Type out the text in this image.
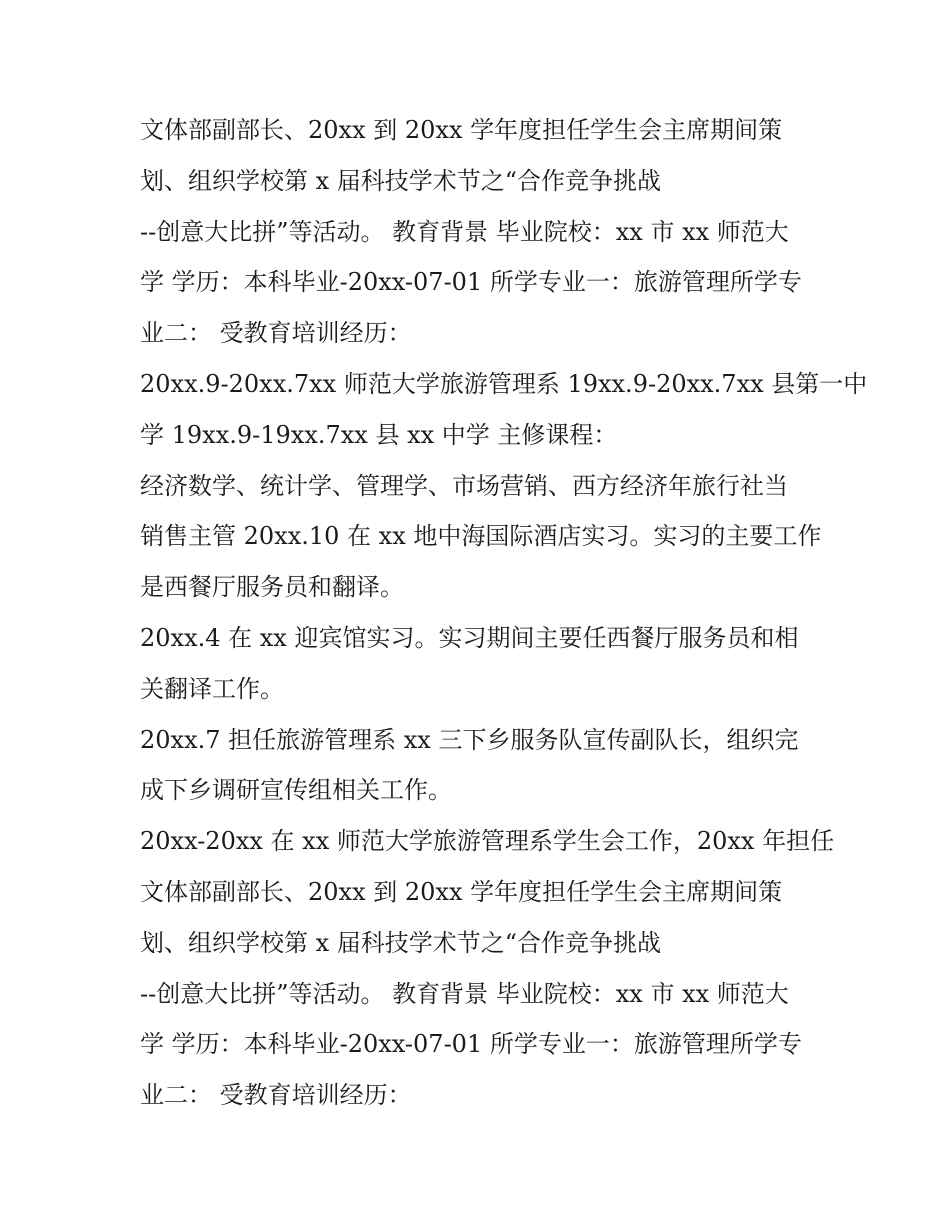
文体部副部长、20xx 到 20xx 学年度担任学生会主席期间策
划、组织学校第 x 届科技学术节之“合作竞争挑战
--创意大比拼”等活动。 教育背景 毕业院校：xx 市 xx 师范大
学 学历：本科毕业-20xx-07-01 所学专业一：旅游管理所学专
业二： 受教育培训经历：
20xx.9-20xx.7xx 师范大学旅游管理系 19xx.9-20xx.7xx 县第一中
学 19xx.9-19xx.7xx 县 xx 中学 主修课程：
经济数学、统计学、管理学、市场营销、西方经济年旅行社当
销售主管 20xx.10 在 xx 地中海国际酒店实习。实习的主要工作
是西餐厅服务员和翻译。
20xx.4 在 xx 迎宾馆实习。实习期间主要任西餐厅服务员和相
关翻译工作。
20xx.7 担任旅游管理系 xx 三下乡服务队宣传副队长，组织完
成下乡调研宣传组相关工作。
20xx-20xx 在 xx 师范大学旅游管理系学生会工作，20xx 年担任
文体部副部长、20xx 到 20xx 学年度担任学生会主席期间策
划、组织学校第 x 届科技学术节之“合作竞争挑战
--创意大比拼”等活动。 教育背景 毕业院校：xx 市 xx 师范大
学 学历：本科毕业-20xx-07-01 所学专业一：旅游管理所学专
业二： 受教育培训经历：
